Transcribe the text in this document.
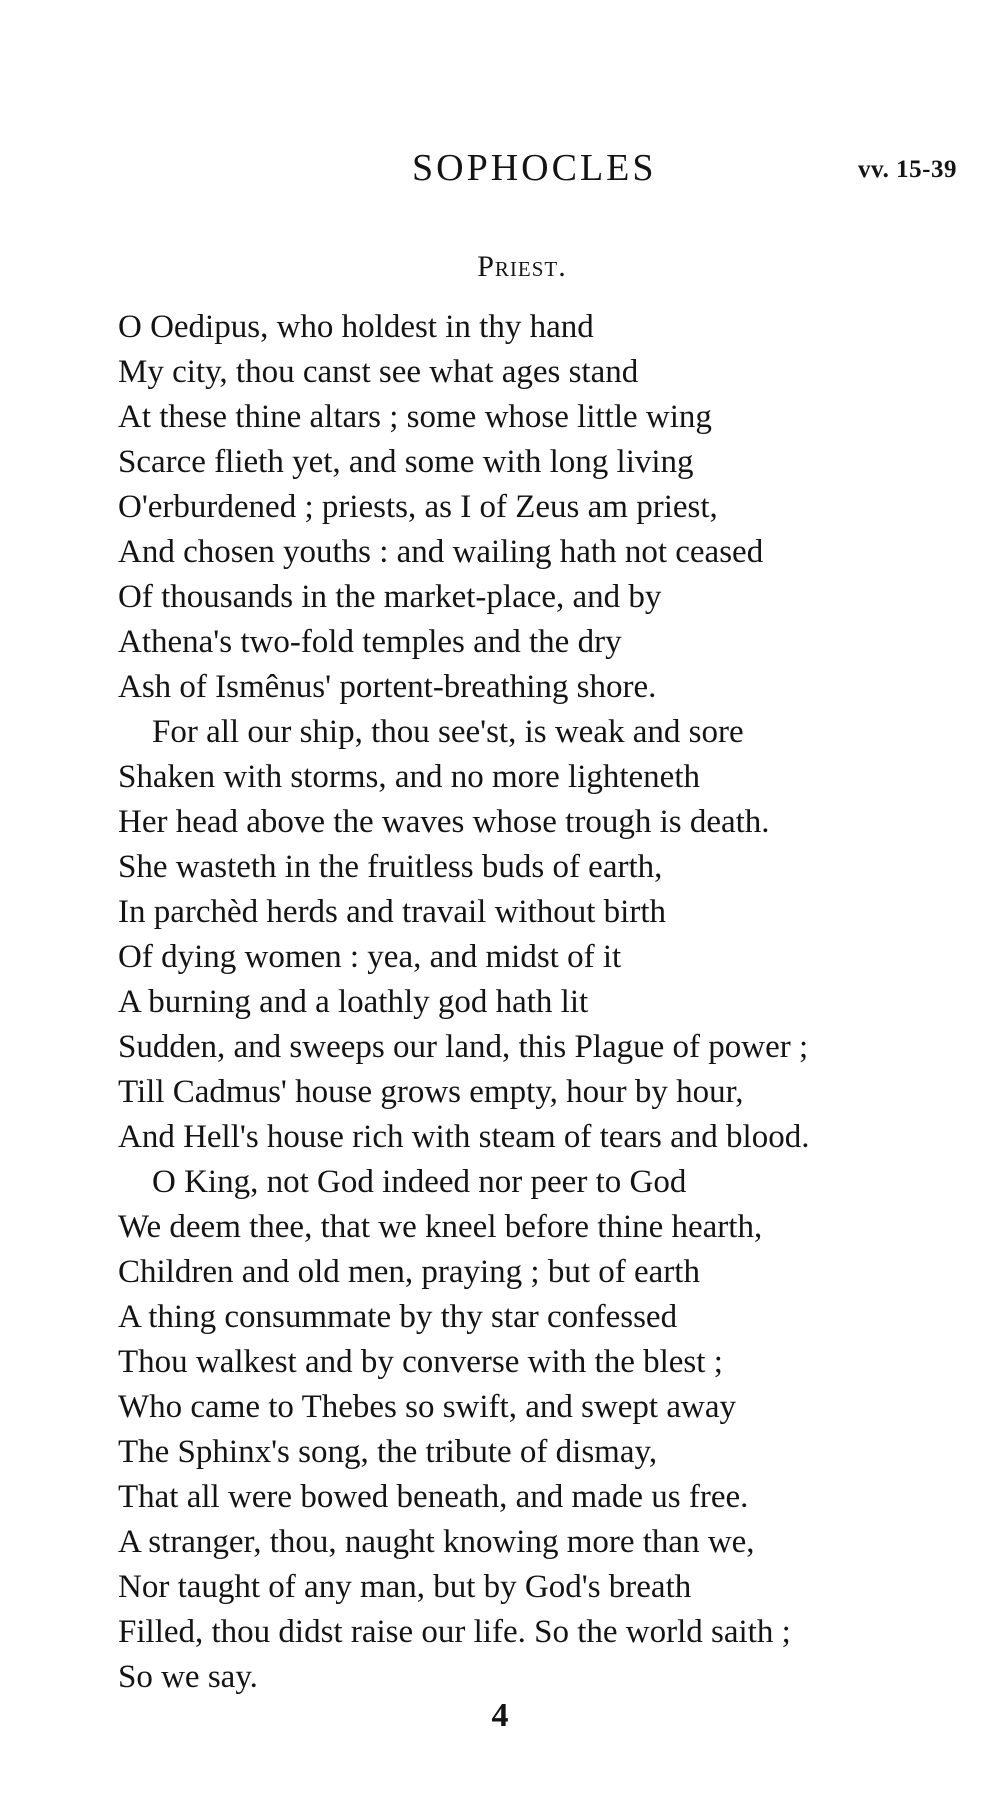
SOPHOCLES	vv. 15-39
Priest.
O Oedipus, who holdest in thy hand
My city, thou canst see what ages stand
At these thine altars ; some whose little wing
Scarce flieth yet, and some with long living
O'erburdened ; priests, as I of Zeus am priest,
And chosen youths : and wailing hath not ceased
Of thousands in the market-place, and by
Athena's two-fold temples and the dry
Ash of Ismênus' portent-breathing shore.
For all our ship, thou see'st, is weak and sore
Shaken with storms, and no more lighteneth
Her head above the waves whose trough is death.
She wasteth in the fruitless buds of earth,
In parchèd herds and travail without birth
Of dying women : yea, and midst of it
A burning and a loathly god hath lit
Sudden, and sweeps our land, this Plague of power ;
Till Cadmus' house grows empty, hour by hour,
And Hell's house rich with steam of tears and blood.
O King, not God indeed nor peer to God
We deem thee, that we kneel before thine hearth,
Children and old men, praying ; but of earth
A thing consummate by thy star confessed
Thou walkest and by converse with the blest ;
Who came to Thebes so swift, and swept away
The Sphinx's song, the tribute of dismay,
That all were bowed beneath, and made us free.
A stranger, thou, naught knowing more than we,
Nor taught of any man, but by God's breath
Filled, thou didst raise our life. So the world saith ;
So we say.
4
